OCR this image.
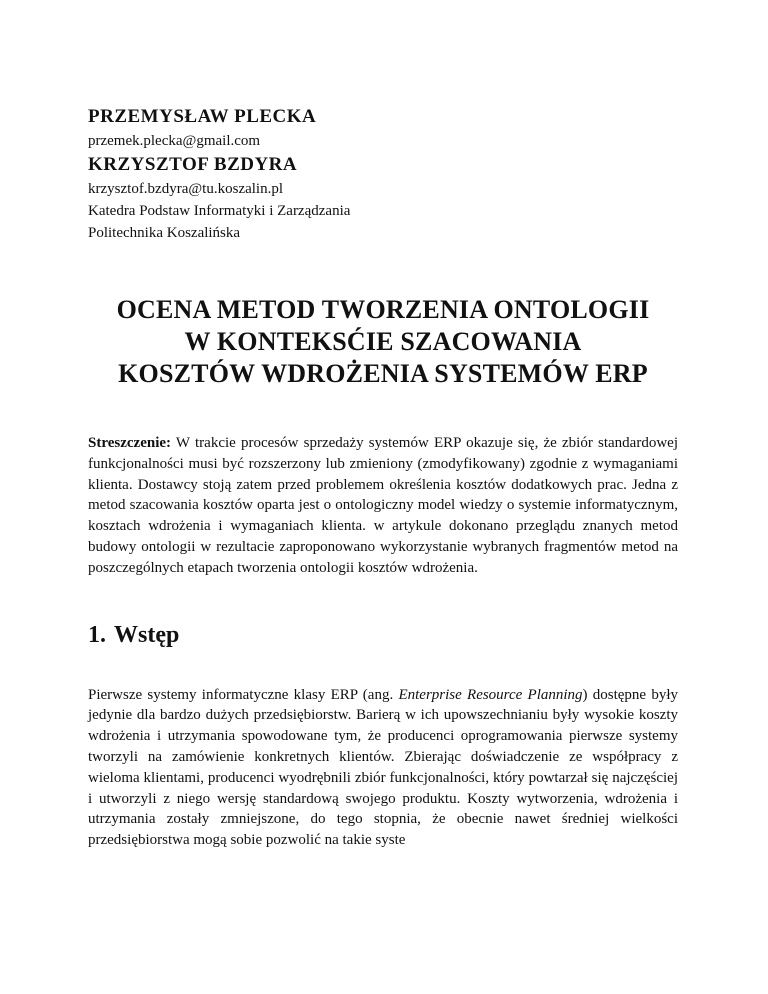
PRZEMYSŁAW PLECKA

przemek.plecka@gmail.com

KRZYSZTOF BZDYRA

krzysztof.bzdyra@tu.koszalin.pl

Katedra Podstaw Informatyki i Zarządzania

Politechnika Koszalińska

OCENA METOD TWORZENIA ONTOLOGII
W KONTEKSĆIE SZACOWANIA
KOSZTÓW WDROŻENIA SYSTEMÓW ERP
Streszczenie: W trakcie procesów sprzedaży systemów ERP okazuje się, że zbiór standardowej funkcjonalności musi być rozszerzony lub zmieniony (zmodyfikowany) zgodnie z wymaganiami klienta. Dostawcy stoją zatem przed problemem określenia kosztów dodatkowych prac. Jedna z metod szacowania kosztów oparta jest o ontologiczny model wiedzy o systemie informatycznym, kosztach wdrożenia i wymaganiach klienta. w artykule dokonano przeglądu znanych metod budowy ontologii w rezultacie zaproponowano wykorzystanie wybranych fragmentów metod na poszczególnych etapach tworzenia ontologii kosztów wdrożenia.
1. Wstęp
Pierwsze systemy informatyczne klasy ERP (ang. Enterprise Resource Planning) dostępne były jedynie dla bardzo dużych przedsiębiorstw. Barierą w ich upowszechnianiu były wysokie koszty wdrożenia i utrzymania spowodowane tym, że producenci oprogramowania pierwsze systemy tworzyli na zamówienie konkretnych klientów. Zbierając doświadczenie ze współpracy z wieloma klientami, producenci wyodrębnili zbiór funkcjonalności, który powtarzał się najczęściej i utworzyli z niego wersję standardową swojego produktu. Koszty wytworzenia, wdrożenia i utrzymania zostały zmniejszone, do tego stopnia, że obecnie nawet średniej wielkości przedsiębiorstwa mogą sobie pozwolić na takie syste
